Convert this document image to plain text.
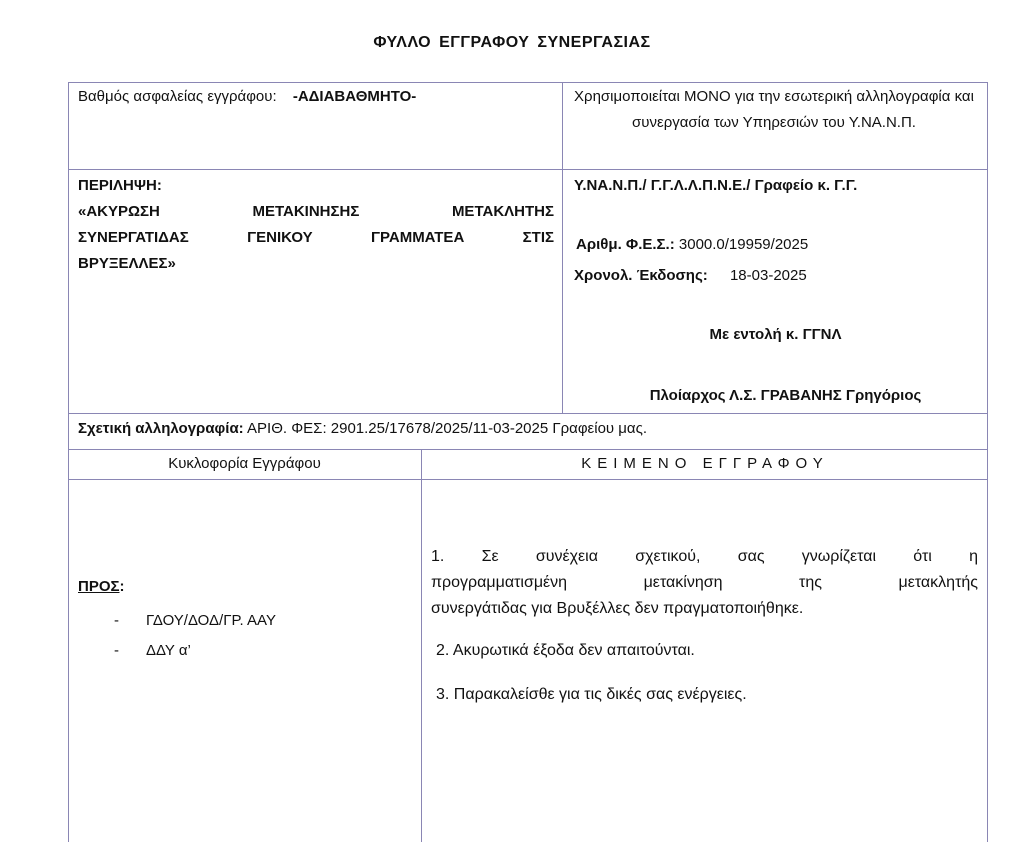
ΦΥΛΛΟ ΕΓΓΡΑΦΟΥ ΣΥΝΕΡΓΑΣΙΑΣ
Βαθμός ασφαλείας εγγράφου: -ΑΔΙΑΒΑΘΜΗΤΟ-	Χρησιμοποιείται ΜΟΝΟ για την εσωτερική αλληλογραφία και συνεργασία των Υπηρεσιών του Υ.ΝΑ.Ν.Π.
ΠΕΡΙΛΗΨΗ:
«ΑΚΥΡΩΣΗ ΜΕΤΑΚΙΝΗΣΗΣ ΜΕΤΑΚΛΗΤΗΣ
ΣΥΝΕΡΓΑΤΙΔΑΣ ΓΕΝΙΚΟΥ ΓΡΑΜΜΑΤΕΑ ΣΤΙΣ
ΒΡΥΞΕΛΛΕΣ»
Υ.ΝΑ.Ν.Π./ Γ.Γ.Λ.Λ.Π.Ν.Ε./ Γραφείο κ. Γ.Γ.
Αριθμ. Φ.Ε.Σ.: 3000.0/19959/2025
Χρονολ. Έκδοσης: 18-03-2025
Με εντολή κ. ΓΓΝΛ
Πλοίαρχος Λ.Σ. ΓΡΑΒΑΝΗΣ Γρηγόριος
Σχετική αλληλογραφία: ΑΡΙΘ. ΦΕΣ: 2901.25/17678/2025/11-03-2025 Γραφείου μας.
Κυκλοφορία Εγγράφου	ΚΕΙΜΕΝΟ ΕΓΓΡΑΦΟΥ
ΠΡΟΣ:
- ΓΔΟΥ/ΔΟΔ/ΓΡ. ΑΑΥ
- ΔΔΥ α’
1. Σε συνέχεια σχετικού, σας γνωρίζεται ότι η
προγραμματισμένη μετακίνηση της μετακλητής
συνεργάτιδας για Βρυξέλλες δεν πραγματοποιήθηκε.
2. Ακυρωτικά έξοδα δεν απαιτούνται.
3. Παρακαλείσθε για τις δικές σας ενέργειες.
